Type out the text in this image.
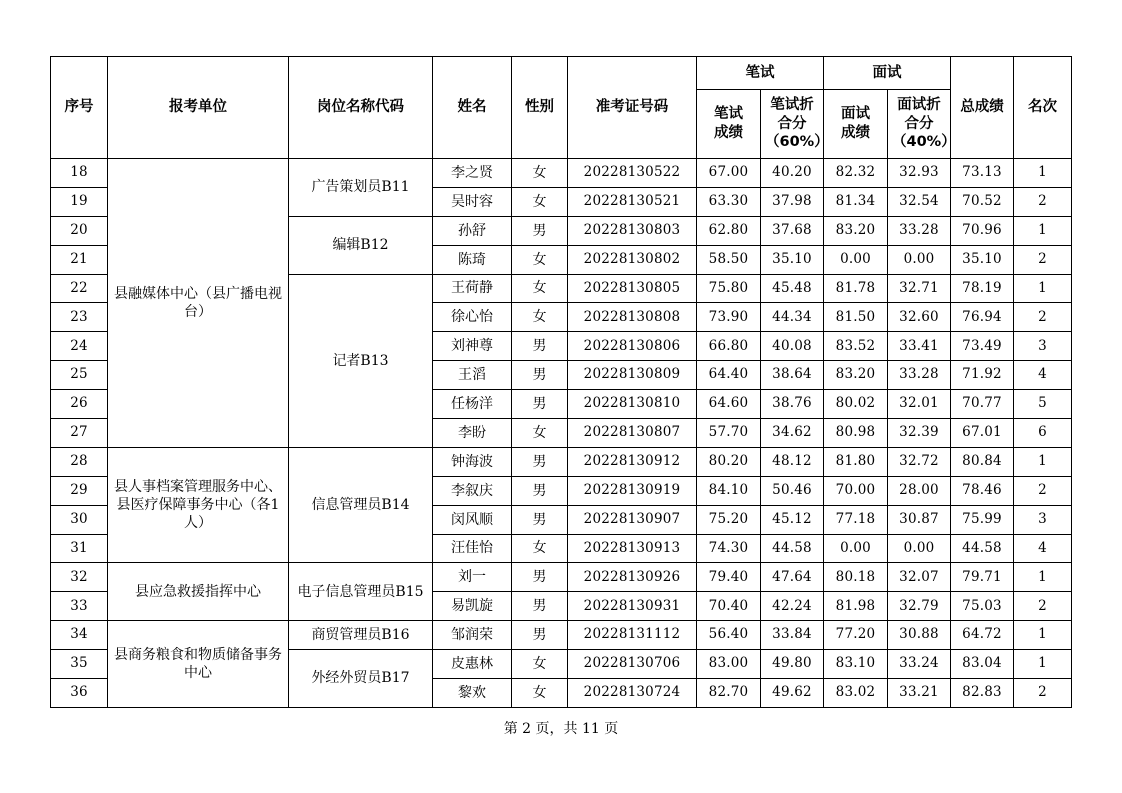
序号	报考单位	岗位名称代码	姓名	性别	准考证号码	笔试		面试		总成绩	名次
						笔试成绩	笔试折合分（60%）	面试成绩	面试折合分（40%）		
18	县融媒体中心（县广播电视台）	广告策划员B11	李之贤	女	20228130522	67.00	40.20	82.32	32.93	73.13	1
19			吴时容	女	20228130521	63.30	37.98	81.34	32.54	70.52	2
20		编辑B12	孙舒	男	20228130803	62.80	37.68	83.20	33.28	70.96	1
21			陈琦	女	20228130802	58.50	35.10	0.00	0.00	35.10	2
22		记者B13	王荷静	女	20228130805	75.80	45.48	81.78	32.71	78.19	1
23			徐心怡	女	20228130808	73.90	44.34	81.50	32.60	76.94	2
24			刘神尊	男	20228130806	66.80	40.08	83.52	33.41	73.49	3
25			王滔	男	20228130809	64.40	38.64	83.20	33.28	71.92	4
26			任杨洋	男	20228130810	64.60	38.76	80.02	32.01	70.77	5
27			李盼	女	20228130807	57.70	34.62	80.98	32.39	67.01	6
28	县人事档案管理服务中心、县医疗保障事务中心（各1人）	信息管理员B14	钟海波	男	20228130912	80.20	48.12	81.80	32.72	80.84	1
29			李叙庆	男	20228130919	84.10	50.46	70.00	28.00	78.46	2
30			闵风顺	男	20228130907	75.20	45.12	77.18	30.87	75.99	3
31			汪佳怡	女	20228130913	74.30	44.58	0.00	0.00	44.58	4
32	县应急救援指挥中心	电子信息管理员B15	刘一	男	20228130926	79.40	47.64	80.18	32.07	79.71	1
33			易凯旋	男	20228130931	70.40	42.24	81.98	32.79	75.03	2
34	县商务粮食和物质储备事务中心	商贸管理员B16	邹润荣	男	20228131112	56.40	33.84	77.20	30.88	64.72	1
35		外经外贸员B17	皮惠林	女	20228130706	83.00	49.80	83.10	33.24	83.04	1
36			黎欢	女	20228130724	82.70	49.62	83.02	33.21	82.83	2
第 2 页，共 11 页
